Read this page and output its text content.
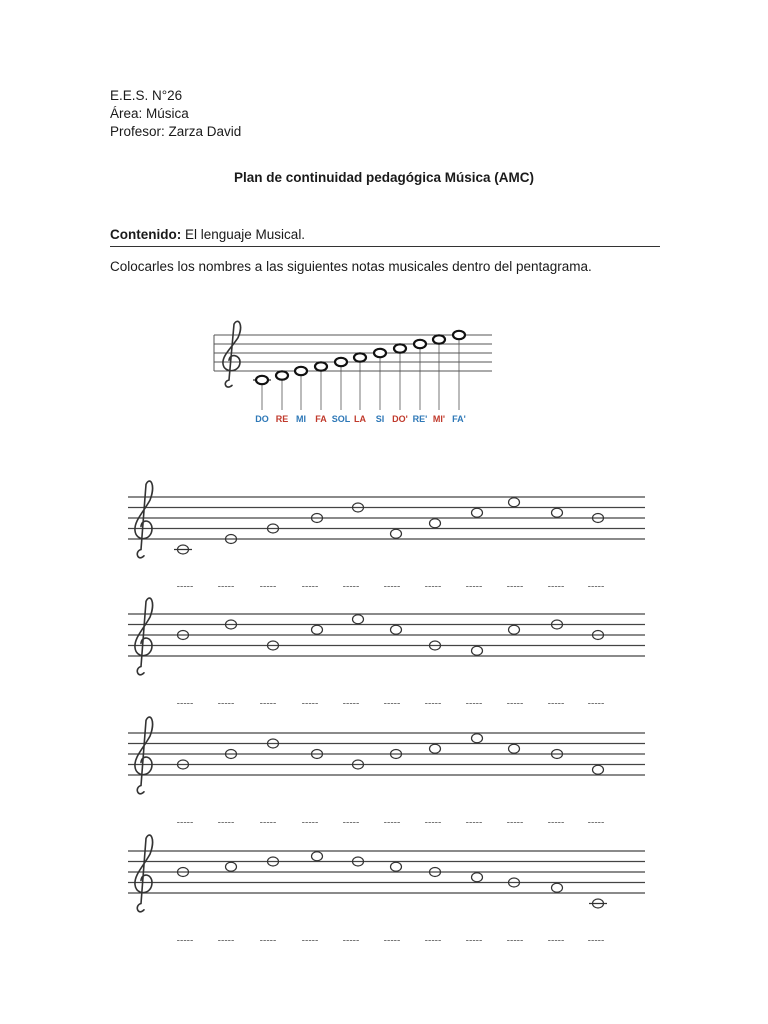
E.E.S. N°26
Área: Música
Profesor: Zarza David
Plan de continuidad pedagógica Música (AMC)
Contenido: El lenguaje Musical.
Colocarles los nombres a las siguientes notas musicales dentro del pentagrama.
DO RE MI FA SOL LA SI DO' RE' MI' FA'
----- -----	-----	----- ----- ----- ----- ----- ----- ----- -----
----- -----	-----	----- ----- ----- ----- ----- ----- ----- -----
----- -----	-----	----- ----- ----- ----- ----- ----- ----- -----
----- -----	-----	----- ----- ----- ----- ----- ----- ----- -----
